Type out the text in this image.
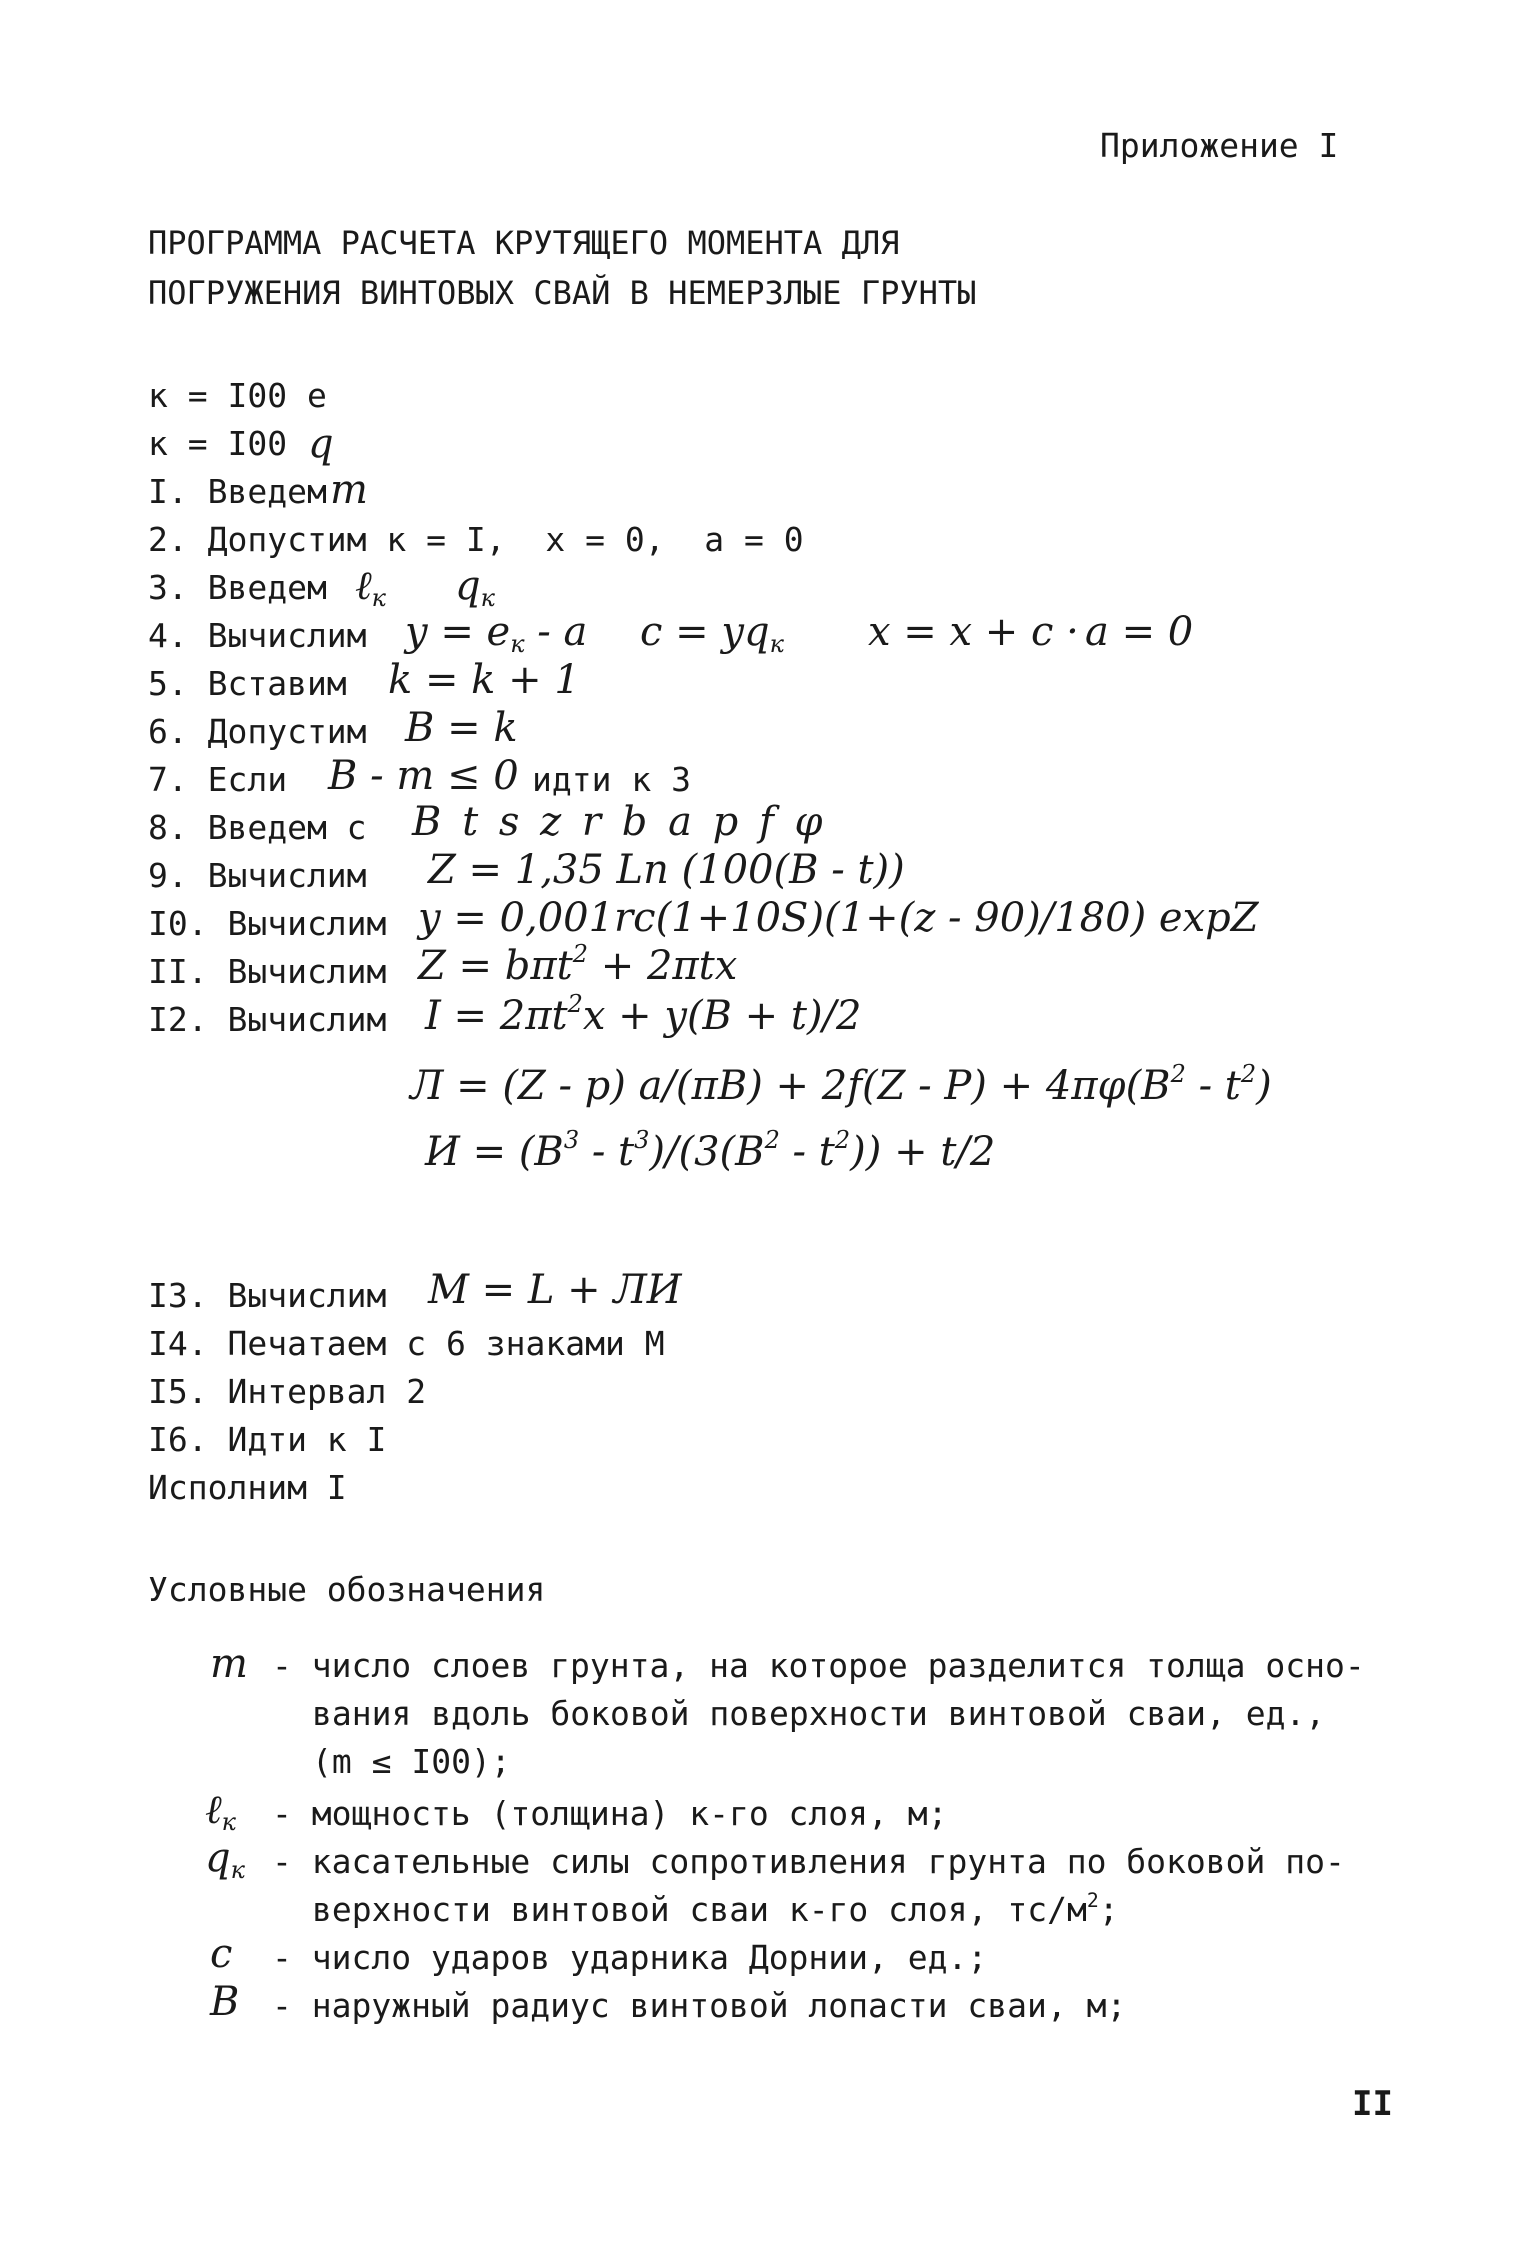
Приложение I
ПРОГРАММА РАСЧЕТА КРУТЯЩЕГО МОМЕНТА ДЛЯ
ПОГРУЖЕНИЯ ВИНТОВЫХ СВАЙ В НЕМЕРЗЛЫЕ ГРУНТЫ
к = I00 е
к = I00 q
I. Введем m
2. Допустим к = I,  x = 0,  a = 0
3. Введем ℓ$_к$ $q_к$
4. Вычислим $y = e_к - a$ $c = yq_к$ x = x + c · a = 0
5. Вставим k = k + 1
6. Допустим B = k
7. Если B - m ≤ 0 идти к 3
8. Введем с B t s z r b a p f φ
9. Вычислим Z = 1,35 Ln (100(B - t))
I0. Вычислим y = 0,001rc(1+10S)(1+(z - 90)/180) expZ
II. Вычислим Z = bπt$^2$ + 2πtx
I2. Вычислим $I = 2\pi t^2x + y(B + t)/2$
Л = (Z - p) $a/(\pi B) + 2f(Z - P) + 4\pi\varphi(B^2 - t^2)$
$И = (B^3 - t^3)/(3(B^2 - t^2)) + t/2$
I3. Вычислим M = L + ЛИ
I4. Печатаем с 6 знаками М
I5. Интервал 2
I6. Идти к I
Исполним I
Условные обозначения
m - число слоев грунта, на которое разделится толща осно-
вания вдоль боковой поверхности винтовой сваи, ед.,
(m ≤ I00);
ℓ$_к$ - мощность (толщина) к-го слоя, м;
$q_к$ - касательные силы сопротивления грунта по боковой по-
верхности винтовой сваи к-го слоя, $тс/м^2$;
c - число ударов ударника Дорнии, ед.;
B - наружный радиус винтовой лопасти сваи, м;
II
